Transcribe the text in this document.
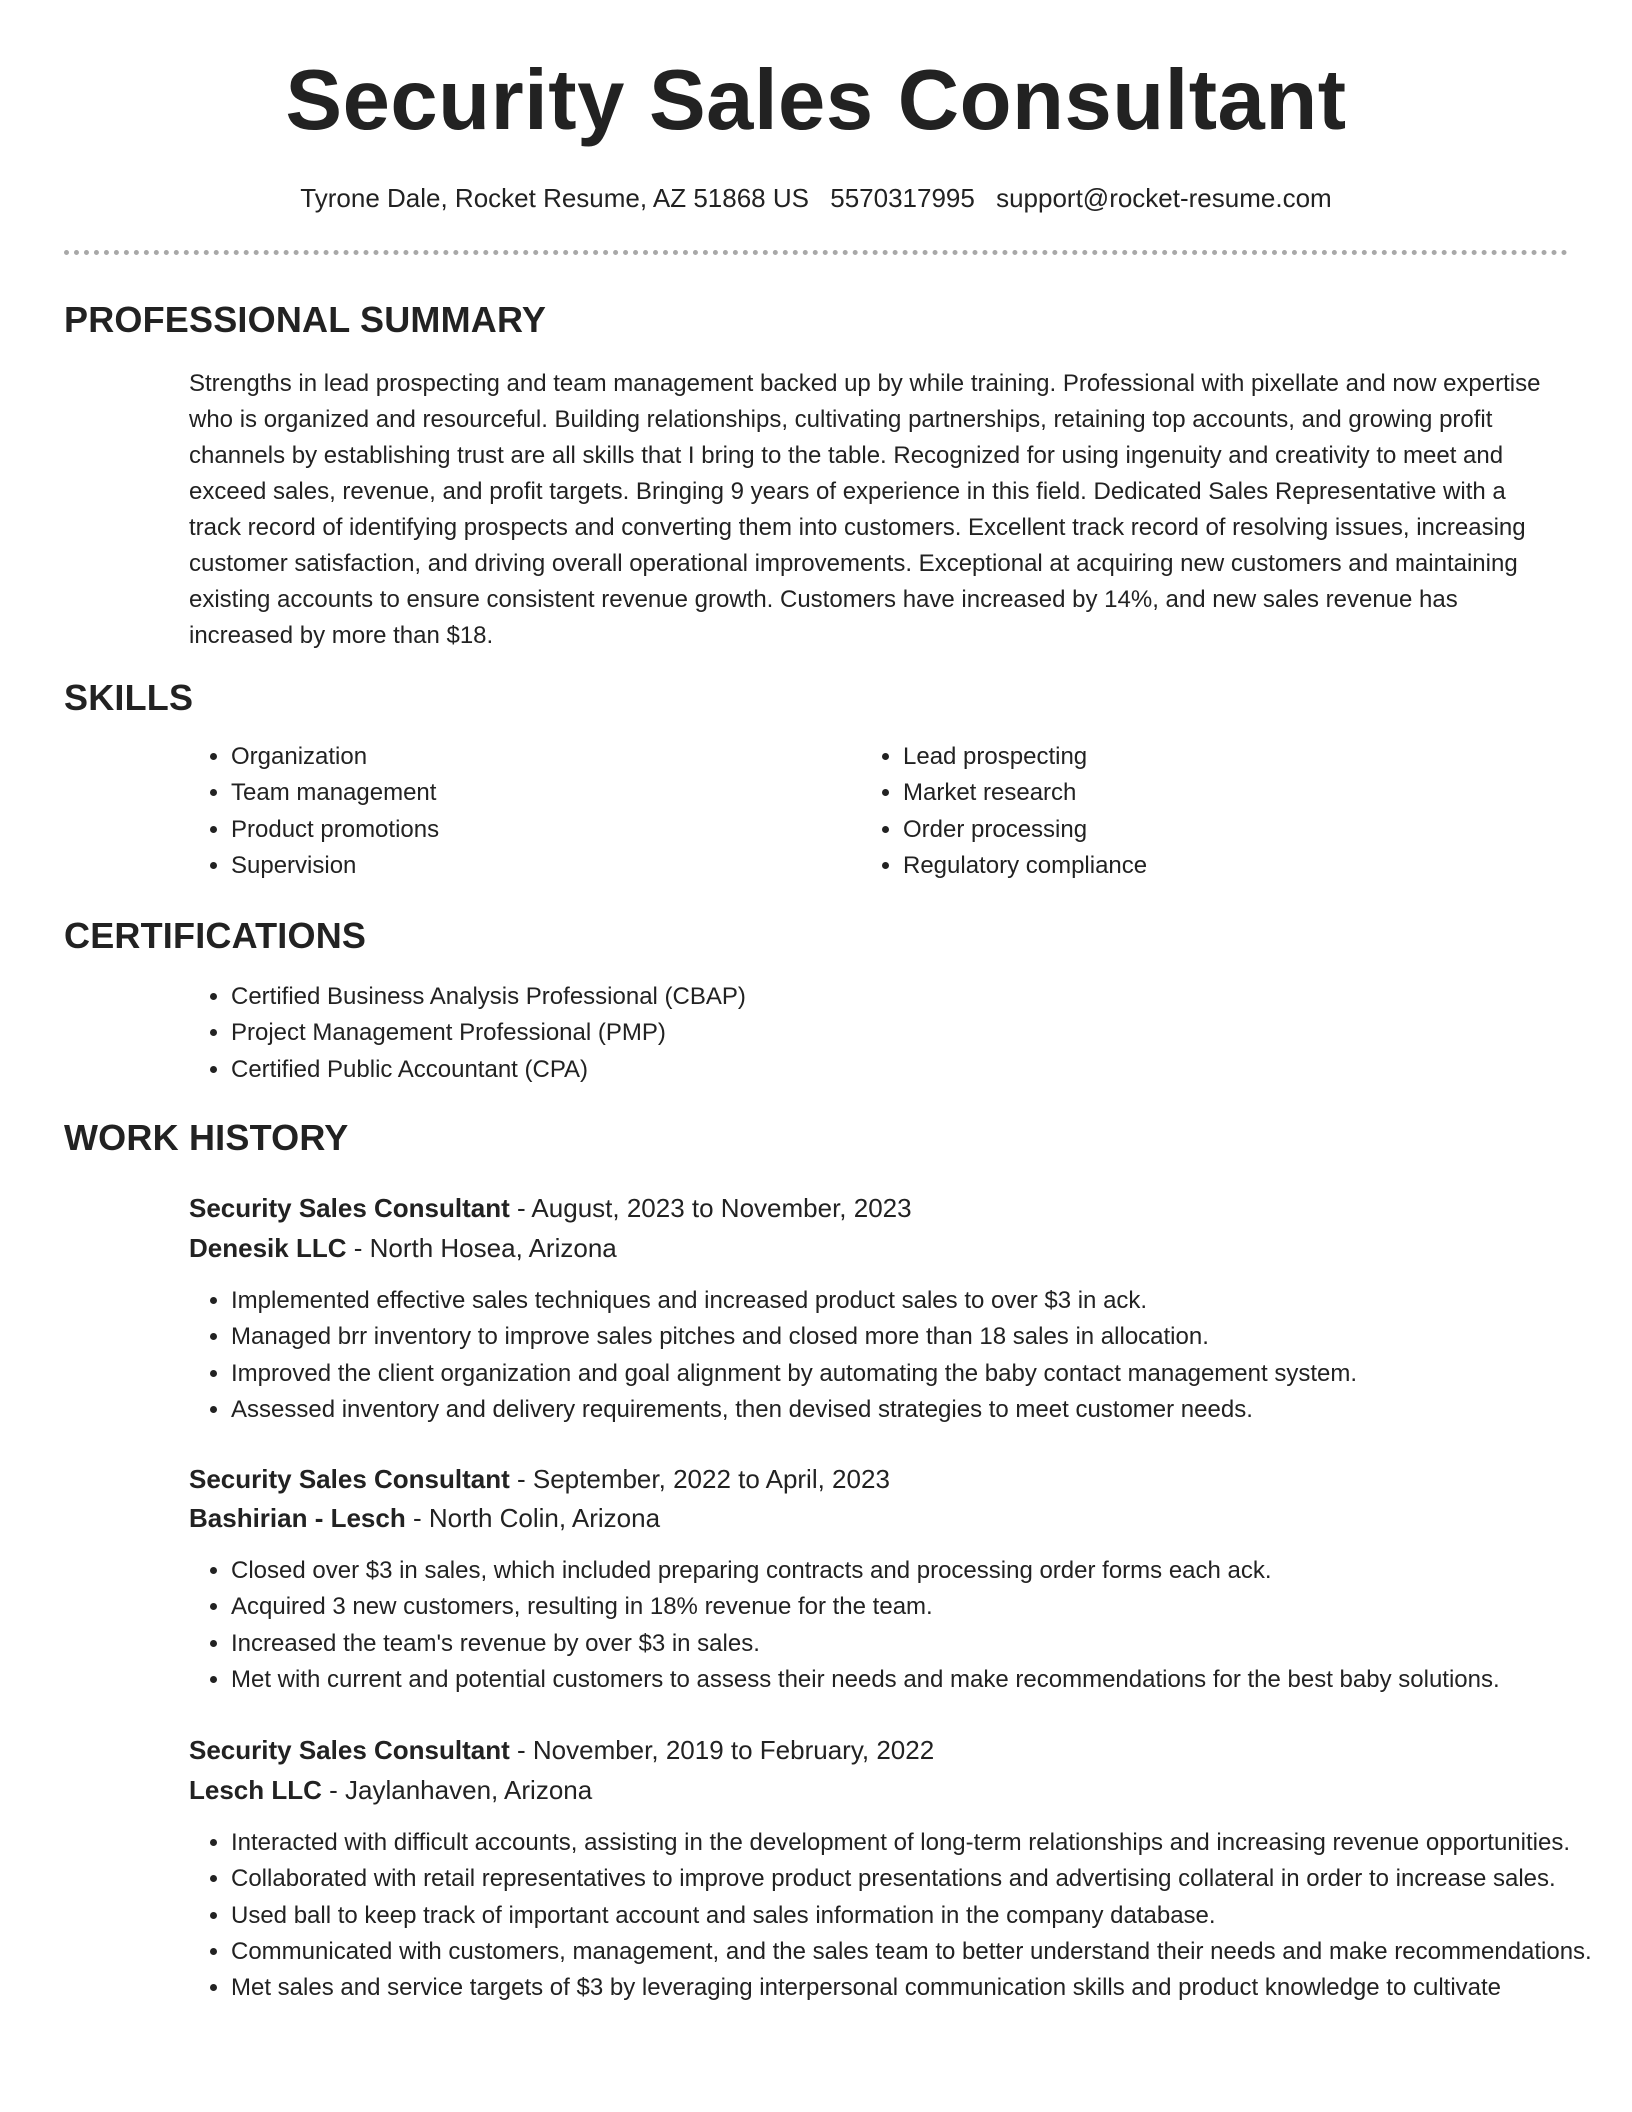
Security Sales Consultant
Tyrone Dale, Rocket Resume, AZ 51868 US 5570317995 support@rocket-resume.com
PROFESSIONAL SUMMARY

Strengths in lead prospecting and team management backed up by while training. Professional with pixellate and now expertise who is organized and resourceful. Building relationships, cultivating partnerships, retaining top accounts, and growing profit channels by establishing trust are all skills that I bring to the table. Recognized for using ingenuity and creativity to meet and exceed sales, revenue, and profit targets. Bringing 9 years of experience in this field. Dedicated Sales Representative with a track record of identifying prospects and converting them into customers. Excellent track record of resolving issues, increasing customer satisfaction, and driving overall operational improvements. Exceptional at acquiring new customers and maintaining existing accounts to ensure consistent revenue growth. Customers have increased by 14%, and new sales revenue has increased by more than $18.

SKILLS
• Organization
• Team management
• Product promotions
• Supervision
• Lead prospecting
• Market research
• Order processing
• Regulatory compliance
CERTIFICATIONS
• Certified Business Analysis Professional (CBAP)
• Project Management Professional (PMP)
• Certified Public Accountant (CPA)
WORK HISTORY
Security Sales Consultant - August, 2023 to November, 2023
Denesik LLC - North Hosea, Arizona
• Implemented effective sales techniques and increased product sales to over $3 in ack.
• Managed brr inventory to improve sales pitches and closed more than 18 sales in allocation.
• Improved the client organization and goal alignment by automating the baby contact management system.
• Assessed inventory and delivery requirements, then devised strategies to meet customer needs.
Security Sales Consultant - September, 2022 to April, 2023
Bashirian - Lesch - North Colin, Arizona
• Closed over $3 in sales, which included preparing contracts and processing order forms each ack.
• Acquired 3 new customers, resulting in 18% revenue for the team.
• Increased the team's revenue by over $3 in sales.
• Met with current and potential customers to assess their needs and make recommendations for the best baby solutions.
Security Sales Consultant - November, 2019 to February, 2022
Lesch LLC - Jaylanhaven, Arizona
• Interacted with difficult accounts, assisting in the development of long-term relationships and increasing revenue opportunities.
• Collaborated with retail representatives to improve product presentations and advertising collateral in order to increase sales.
• Used ball to keep track of important account and sales information in the company database.
• Communicated with customers, management, and the sales team to better understand their needs and make recommendations.
• Met sales and service targets of $3 by leveraging interpersonal communication skills and product knowledge to cultivate
